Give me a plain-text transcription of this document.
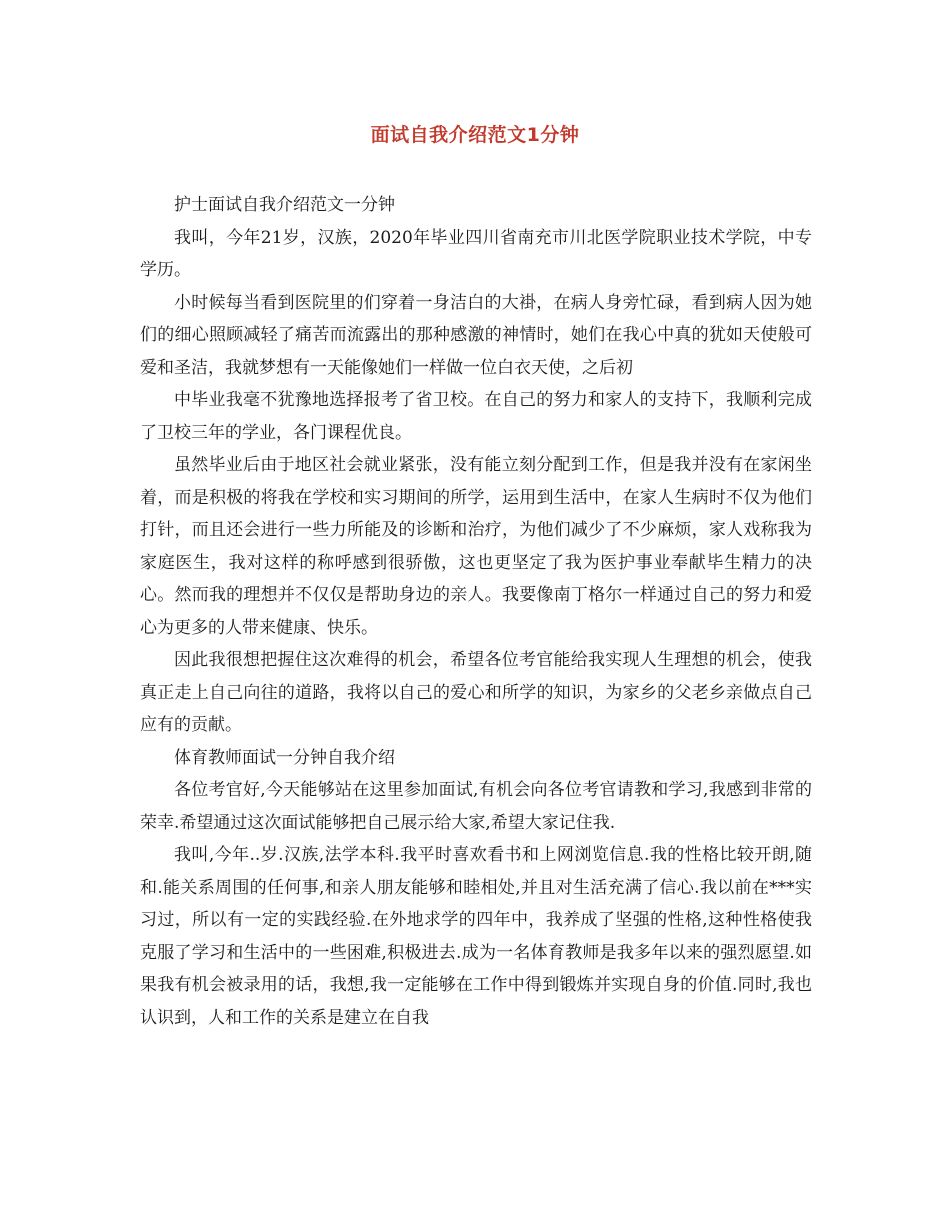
面试自我介绍范文1分钟

护士面试自我介绍范文一分钟

我叫，今年21岁，汉族，2020年毕业四川省南充市川北医学院职业技术学院，中专学历。

小时候每当看到医院里的们穿着一身洁白的大褂，在病人身旁忙碌，看到病人因为她们的细心照顾减轻了痛苦而流露出的那种感激的神情时，她们在我心中真的犹如天使般可爱和圣洁，我就梦想有一天能像她们一样做一位白衣天使，之后初

中毕业我毫不犹豫地选择报考了省卫校。在自己的努力和家人的支持下，我顺利完成了卫校三年的学业，各门课程优良。

虽然毕业后由于地区社会就业紧张，没有能立刻分配到工作，但是我并没有在家闲坐着，而是积极的将我在学校和实习期间的所学，运用到生活中，在家人生病时不仅为他们打针，而且还会进行一些力所能及的诊断和治疗，为他们减少了不少麻烦，家人戏称我为家庭医生，我对这样的称呼感到很骄傲，这也更坚定了我为医护事业奉献毕生精力的决心。然而我的理想并不仅仅是帮助身边的亲人。我要像南丁格尔一样通过自己的努力和爱心为更多的人带来健康、快乐。

因此我很想把握住这次难得的机会，希望各位考官能给我实现人生理想的机会，使我真正走上自己向往的道路，我将以自己的爱心和所学的知识，为家乡的父老乡亲做点自己应有的贡献。

体育教师面试一分钟自我介绍

各位考官好,今天能够站在这里参加面试,有机会向各位考官请教和学习,我感到非常的荣幸.希望通过这次面试能够把自己展示给大家,希望大家记住我.

我叫,今年..岁.汉族,法学本科.我平时喜欢看书和上网浏览信息.我的性格比较开朗,随和.能关系周围的任何事,和亲人朋友能够和睦相处,并且对生活充满了信心.我以前在***实习过，所以有一定的实践经验.在外地求学的四年中，我养成了坚强的性格,这种性格使我克服了学习和生活中的一些困难,积极进去.成为一名体育教师是我多年以来的强烈愿望.如果我有机会被录用的话，我想,我一定能够在工作中得到锻炼并实现自身的价值.同时,我也认识到，人和工作的关系是建立在自我
